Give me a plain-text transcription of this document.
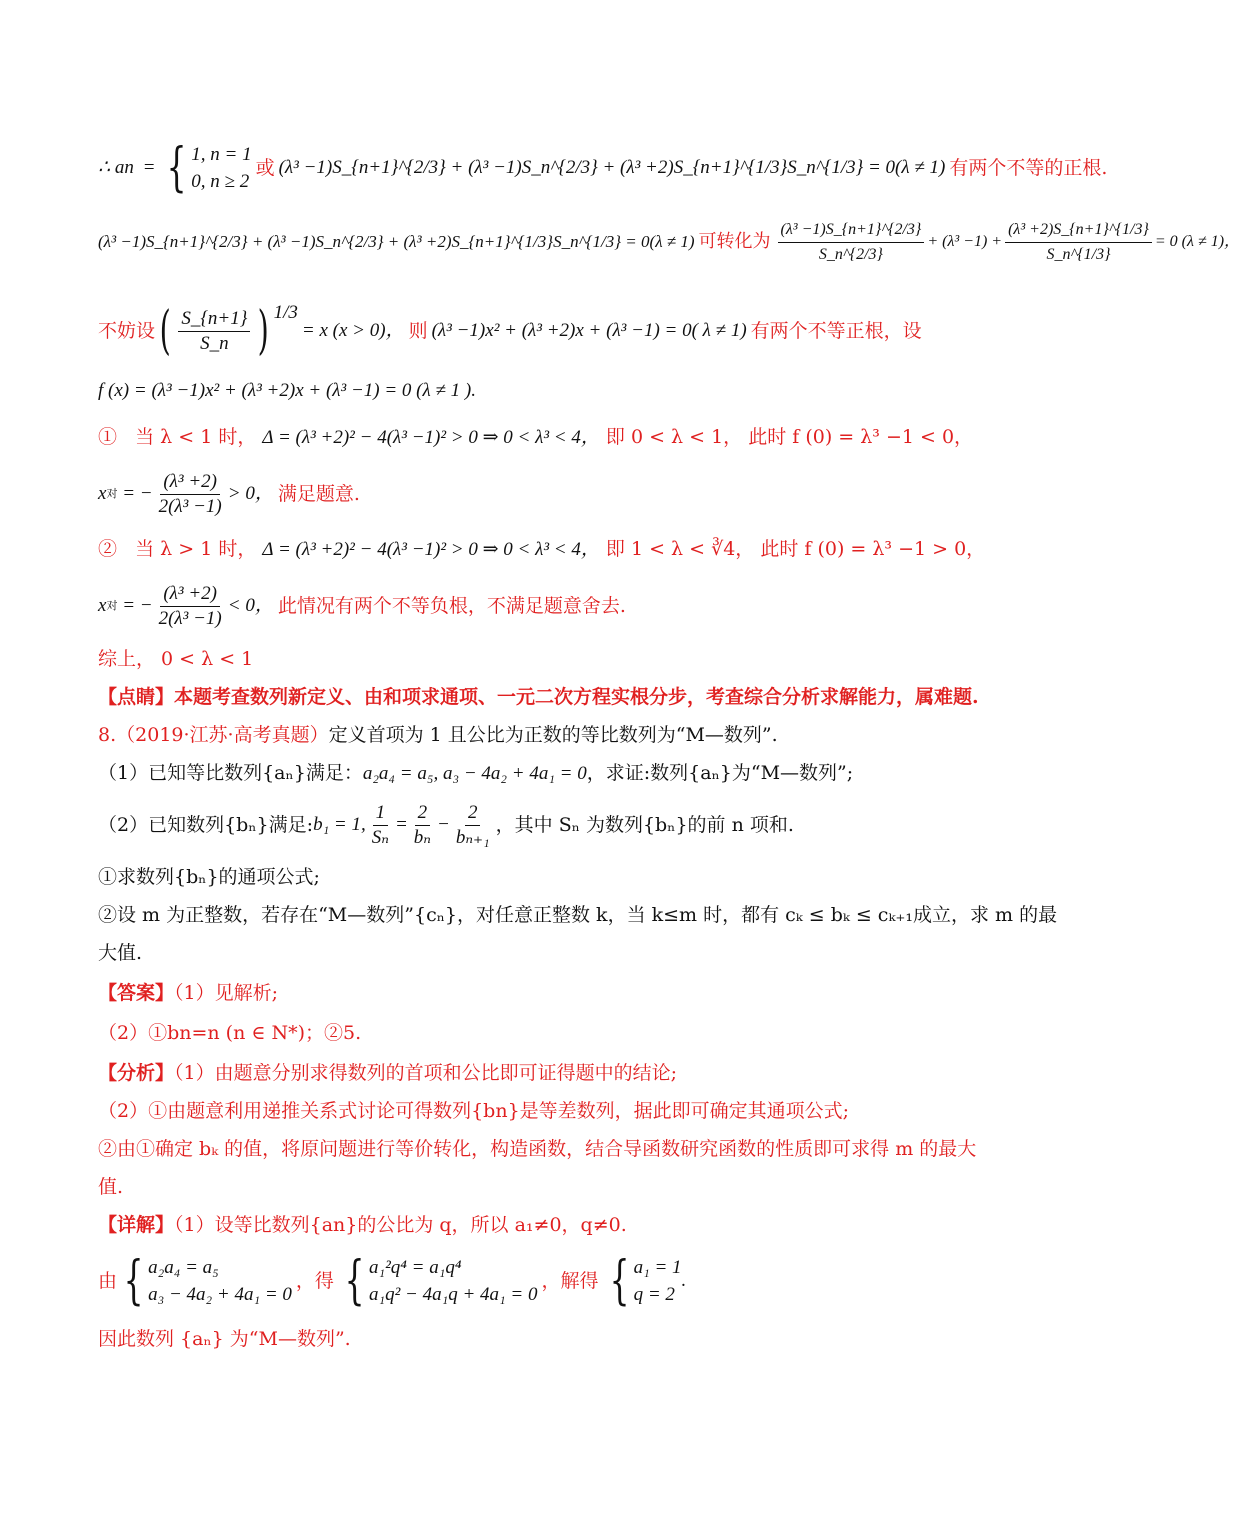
∴ a n = { 1, n = 1
0, n ≥ 2
或 (λ³ −1)S_{n+1}^{2/3} + (λ³ −1)S_n^{2/3} + (λ³ +2)S_{n+1}^{1/3}S_n^{1/3} = 0(λ ≠ 1) 有两个不等的正根.
(λ³ −1)S_{n+1}^{2/3} + (λ³ −1)S_n^{2/3} + (λ³ +2)S_{n+1}^{1/3}S_n^{1/3} = 0(λ ≠ 1) 可转化为 $\frac{\text{(λ³ −1)S\_\{n+1\}\textasciicircum{}\{2/3\}}}{S\_n\^{}\{2/3\}} + (\lambda^3 -1) + \frac{\text{(λ³ +2)S\_\{n+1\}\textasciicircum{}\{1/3\}}}{S\_n\^{}\{1/3\}} = 0$ (λ ≠ 1)，
不妨设 ( $\frac{S\_\{n+1\}}{S\_n}$ ) 1/3
= x (x > 0)， 则 (λ³ −1)x² + (λ³ +2)x + (λ³ −1) = 0( λ ≠ 1) 有两个不等正根，设
f (x) = (λ³ −1)x² + (λ³ +2)x + (λ³ −1) = 0 (λ ≠ 1 ).
① 当 λ < 1 时， Δ = (λ³ +2)² − 4(λ³ −1)² > 0 ⇒ 0 < λ³ < 4， 即 0 < λ < 1， 此时 f (0) = λ³ −1 < 0，
x 对 = − $\frac{\text{(λ³ +2)}}{\text{2(λ³ −1)}} > 0$， 满足题意.
② 当 λ > 1 时， Δ = (λ³ +2)² − 4(λ³ −1)² > 0 ⇒ 0 < λ³ < 4， 即 1 < λ < ∛4， 此时 f (0) = λ³ −1 > 0，
x 对 = − $\frac{\text{(λ³ +2)}}{\text{2(λ³ −1)}} < 0$， 此情况有两个不等负根，不满足题意舍去.
综上， 0 < λ < 1
【点睛】本题考查数列新定义、由和项求通项、一元二次方程实根分步，考查综合分析求解能力，属难题.
8.（2019·江苏·高考真题）定义首项为 1 且公比为正数的等比数列为“M—数列”.
（1）已知等比数列{aₙ}满足：a₂a₄ = a₅, a₃ − 4a₂ + 4a₁ = 0，求证:数列{aₙ}为“M—数列”;
（2）已知数列{bₙ}满足: b₁ = 1, $\frac{1}{\text{Sₙ}} = \frac{2}{\text{bₙ}} - \frac{2}{\text{bₙ₊₁}}$ ，其中 Sₙ 为数列{bₙ}的前 n 项和.
①求数列{bₙ}的通项公式;
②设 m 为正整数，若存在“M—数列”{cₙ}，对任意正整数 k，当 k≤m 时，都有 cₖ ≤ bₖ ≤ cₖ₊₁成立，求 m 的最
大值.
【答案】（1）见解析;
（2）①bn=n (n ∈ N*)；②5.
【分析】（1）由题意分别求得数列的首项和公比即可证得题中的结论;
（2）①由题意利用递推关系式讨论可得数列{bn}是等差数列，据此即可确定其通项公式;
②由①确定 bₖ 的值，将原问题进行等价转化，构造函数，结合导函数研究函数的性质即可求得 m 的最大
值.
【详解】（1）设等比数列{an}的公比为 q，所以 a₁≠0，q≠0.
由 { a₂a₄ = a₅
a₃ − 4a₂ + 4a₁ = 0
，得 { a₁²q⁴ = a₁q⁴
a₁q² − 4a₁q + 4a₁ = 0
，解得 { a₁ = 1
q = 2
.
因此数列 {aₙ} 为“M—数列”.
